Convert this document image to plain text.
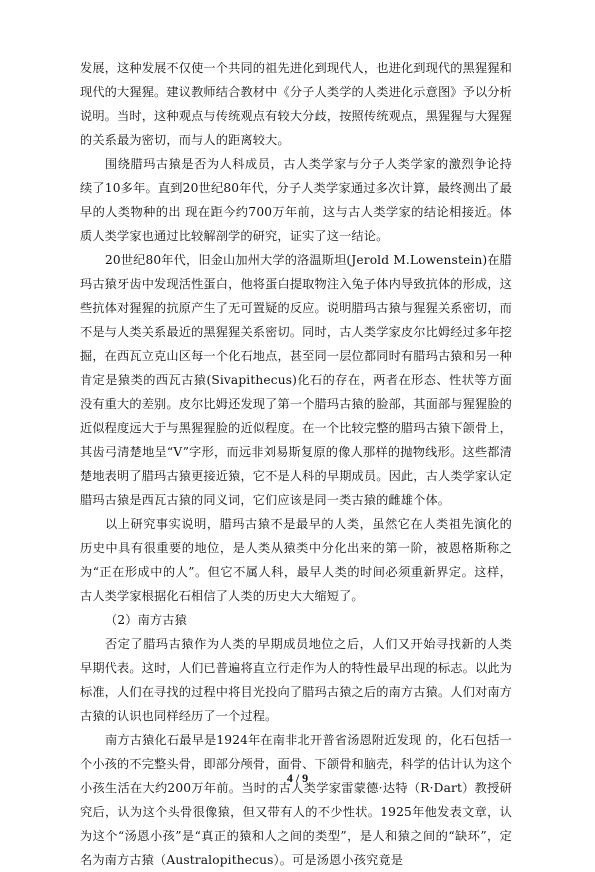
发展，这种发展不仅使一个共同的祖先进化到现代人，也进化到现代的黑猩猩和现代的大猩猩。建议教师结合教材中《分子人类学的人类进化示意图》予以分析说明。当时，这种观点与传统观点有较大分歧，按照传统观点，黑猩猩与大猩猩的关系最为密切，而与人的距离较大。

围绕腊玛古猿是否为人科成员，古人类学家与分子人类学家的激烈争论持续了10多年。直到20世纪80年代，分子人类学家通过多次计算，最终测出了最早的人类物种的出 现在距今约700万年前，这与古人类学家的结论相接近。体质人类学家也通过比较解剖学的研究，证实了这一结论。

20世纪80年代，旧金山加州大学的洛温斯坦(Jerold M.Lowenstein)在腊玛古猿牙齿中发现活性蛋白，他将蛋白提取物注入兔子体内导致抗体的形成，这些抗体对猩猩的抗原产生了无可置疑的反应。说明腊玛古猿与猩猩关系密切，而不是与人类关系最近的黑猩猩关系密切。同时，古人类学家皮尔比姆经过多年挖掘，在西瓦立克山区每一个化石地点，甚至同一层位都同时有腊玛古猿和另一种肯定是猿类的西瓦古猿(Sivapithecus)化石的存在，两者在形态、性状等方面没有重大的差别。皮尔比姆还发现了第一个腊玛古猿的脸部，其面部与猩猩脸的近似程度远大于与黑猩猩脸的近似程度。在一个比较完整的腊玛古猿下颌骨上，其齿弓清楚地呈“V”字形，而远非刘易斯复原的像人那样的抛物线形。这些都清楚地表明了腊玛古猿更接近猿，它不是人科的早期成员。因此，古人类学家认定腊玛古猿是西瓦古猿的同义词，它们应该是同一类古猿的雌雄个体。

以上研究事实说明，腊玛古猿不是最早的人类，虽然它在人类祖先演化的历史中具有很重要的地位，是人类从猿类中分化出来的第一阶，被恩格斯称之为“正在形成中的人”。但它不属人科，最早人类的时间必须重新界定。这样，古人类学家根据化石相信了人类的历史大大缩短了。

（2）南方古猿

否定了腊玛古猿作为人类的早期成员地位之后，人们又开始寻找新的人类早期代表。这时，人们已普遍将直立行走作为人的特性最早出现的标志。以此为标准，人们在寻找的过程中将目光投向了腊玛古猿之后的南方古猿。人们对南方古猿的认识也同样经历了一个过程。

南方古猿化石最早是1924年在南非北开普省汤恩附近发现 的，化石包括一个小孩的不完整头骨，即部分颅骨，面骨、下颌骨和脑壳，科学的估计认为这个小孩生活在大约200万年前。当时的古人类学家雷蒙德·达特（R·Dart）教授研究后，认为这个头骨很像猿，但又带有人的不少性状。1925年他发表文章，认为这个“汤恩小孩”是“真正的猿和人之间的类型”，是人和猿之间的“缺环”，定名为南方古猿（Australopithecus）。可是汤恩小孩究竟是

4 / 9
